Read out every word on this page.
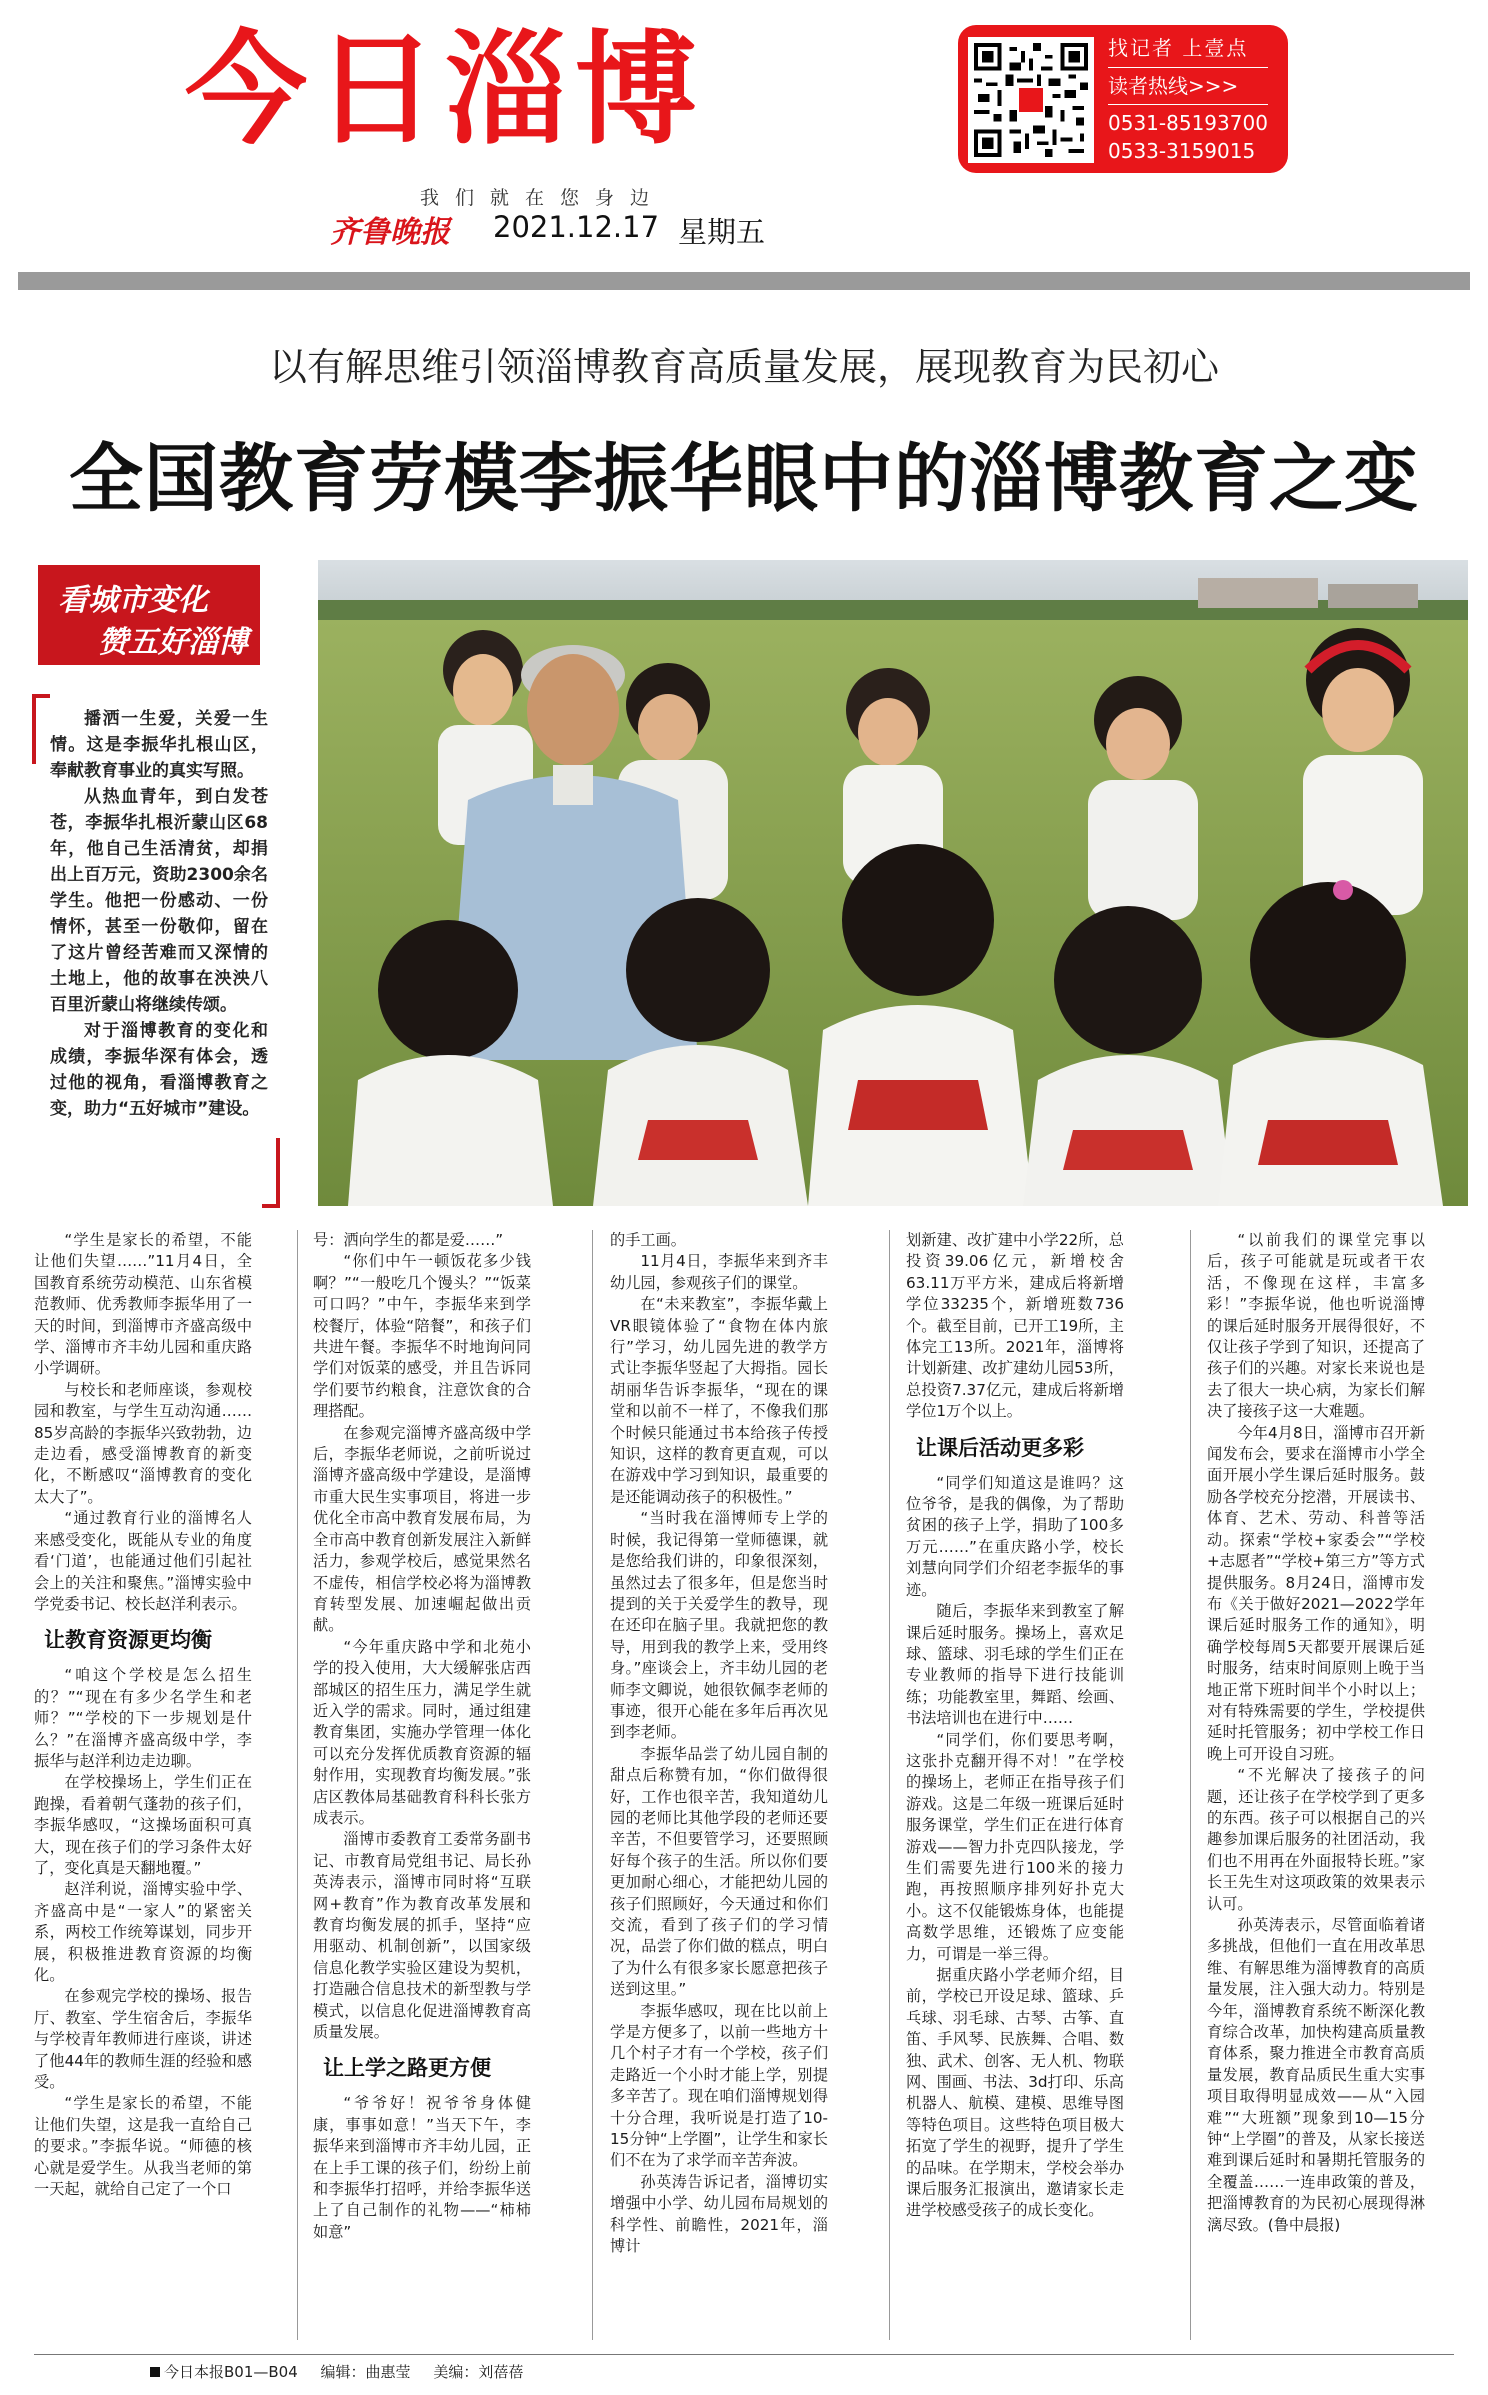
今日淄博
我们就在您身边
齐鲁晚报 2021.12.17 星期五
找记者 上壹点
读者热线>>>
0531-85193700
0533-3159015
以有解思维引领淄博教育高质量发展，展现教育为民初心
全国教育劳模李振华眼中的淄博教育之变
看城市变化
赞五好淄博

播洒一生爱，关爱一生情。这是李振华扎根山区，奉献教育事业的真实写照。

从热血青年，到白发苍苍，李振华扎根沂蒙山区68年，他自己生活清贫，却捐出上百万元，资助2300余名学生。他把一份感动、一份情怀，甚至一份敬仰，留在了这片曾经苦难而又深情的土地上，他的故事在泱泱八百里沂蒙山将继续传颂。

对于淄博教育的变化和成绩，李振华深有体会，透过他的视角，看淄博教育之变，助力“五好城市”建设。

“学生是家长的希望，不能让他们失望……”11月4日，全国教育系统劳动模范、山东省模范教师、优秀教师李振华用了一天的时间，到淄博市齐盛高级中学、淄博市齐丰幼儿园和重庆路小学调研。

与校长和老师座谈，参观校园和教室，与学生互动沟通……85岁高龄的李振华兴致勃勃，边走边看，感受淄博教育的新变化，不断感叹“淄博教育的变化太大了”。

“通过教育行业的淄博名人来感受变化，既能从专业的角度看‘门道’，也能通过他们引起社会上的关注和聚焦。”淄博实验中学党委书记、校长赵洋利表示。

让教育资源更均衡

“咱这个学校是怎么招生的？”“现在有多少名学生和老师？”“学校的下一步规划是什么？”在淄博齐盛高级中学，李振华与赵洋利边走边聊。

在学校操场上，学生们正在跑操，看着朝气蓬勃的孩子们，李振华感叹，“这操场面积可真大，现在孩子们的学习条件太好了，变化真是天翻地覆。”

赵洋利说，淄博实验中学、齐盛高中是“一家人”的紧密关系，两校工作统筹谋划，同步开展，积极推进教育资源的均衡化。

在参观完学校的操场、报告厅、教室、学生宿舍后，李振华与学校青年教师进行座谈，讲述了他44年的教师生涯的经验和感受。

“学生是家长的希望，不能让他们失望，这是我一直给自己的要求。”李振华说。“师德的核心就是爱学生。从我当老师的第一天起，就给自己定了一个口

号：洒向学生的都是爱……”

“你们中午一顿饭花多少钱啊？”“一般吃几个馒头？”“饭菜可口吗？”中午，李振华来到学校餐厅，体验“陪餐”，和孩子们共进午餐。李振华不时地询问同学们对饭菜的感受，并且告诉同学们要节约粮食，注意饮食的合理搭配。

在参观完淄博齐盛高级中学后，李振华老师说，之前听说过淄博齐盛高级中学建设，是淄博市重大民生实事项目，将进一步优化全市高中教育发展布局，为全市高中教育创新发展注入新鲜活力，参观学校后，感觉果然名不虚传，相信学校必将为淄博教育转型发展、加速崛起做出贡献。

“今年重庆路中学和北苑小学的投入使用，大大缓解张店西部城区的招生压力，满足学生就近入学的需求。同时，通过组建教育集团，实施办学管理一体化可以充分发挥优质教育资源的辐射作用，实现教育均衡发展。”张店区教体局基础教育科科长张方成表示。

淄博市委教育工委常务副书记、市教育局党组书记、局长孙英涛表示，淄博市同时将“互联网+教育”作为教育改革发展和教育均衡发展的抓手，坚持“应用驱动、机制创新”，以国家级信息化教学实验区建设为契机，打造融合信息技术的新型教与学模式，以信息化促进淄博教育高质量发展。

让上学之路更方便

“爷爷好！祝爷爷身体健康，事事如意！”当天下午，李振华来到淄博市齐丰幼儿园，正在上手工课的孩子们，纷纷上前和李振华打招呼，并给李振华送上了自己制作的礼物——“柿柿如意”

的手工画。

11月4日，李振华来到齐丰幼儿园，参观孩子们的课堂。

在“未来教室”，李振华戴上VR眼镜体验了“食物在体内旅行”学习，幼儿园先进的教学方式让李振华竖起了大拇指。园长胡丽华告诉李振华，“现在的课堂和以前不一样了，不像我们那个时候只能通过书本给孩子传授知识，这样的教育更直观，可以在游戏中学习到知识，最重要的是还能调动孩子的积极性。”

“当时我在淄博师专上学的时候，我记得第一堂师德课，就是您给我们讲的，印象很深刻，虽然过去了很多年，但是您当时提到的关于关爱学生的教导，现在还印在脑子里。我就把您的教导，用到我的教学上来，受用终身。”座谈会上，齐丰幼儿园的老师李文卿说，她很钦佩李老师的事迹，很开心能在多年后再次见到李老师。

李振华品尝了幼儿园自制的甜点后称赞有加，“你们做得很好，工作也很辛苦，我知道幼儿园的老师比其他学段的老师还要辛苦，不但要管学习，还要照顾好每个孩子的生活。所以你们要更加耐心细心，才能把幼儿园的孩子们照顾好，今天通过和你们交流，看到了孩子们的学习情况，品尝了你们做的糕点，明白了为什么有很多家长愿意把孩子送到这里。”

李振华感叹，现在比以前上学是方便多了，以前一些地方十几个村子才有一个学校，孩子们走路近一个小时才能上学，别提多辛苦了。现在咱们淄博规划得十分合理，我听说是打造了10-15分钟“上学圈”，让学生和家长们不在为了求学而辛苦奔波。

孙英涛告诉记者，淄博切实增强中小学、幼儿园布局规划的科学性、前瞻性，2021年，淄博计

划新建、改扩建中小学22所，总投资39.06亿元，新增校舍63.11万平方米，建成后将新增学位33235个，新增班数736个。截至目前，已开工19所，主体完工13所。2021年，淄博将计划新建、改扩建幼儿园53所，总投资7.37亿元，建成后将新增学位1万个以上。

让课后活动更多彩

“同学们知道这是谁吗？这位爷爷，是我的偶像，为了帮助贫困的孩子上学，捐助了100多万元……”在重庆路小学，校长刘慧向同学们介绍老李振华的事迹。

随后，李振华来到教室了解课后延时服务。操场上，喜欢足球、篮球、羽毛球的学生们正在专业教师的指导下进行技能训练；功能教室里，舞蹈、绘画、书法培训也在进行中……

“同学们，你们要思考啊，这张扑克翻开得不对！”在学校的操场上，老师正在指导孩子们游戏。这是二年级一班课后延时服务课堂，学生们正在进行体育游戏——智力扑克四队接龙，学生们需要先进行100米的接力跑，再按照顺序排列好扑克大小。这不仅能锻炼身体，也能提高数学思维，还锻炼了应变能力，可谓是一举三得。

据重庆路小学老师介绍，目前，学校已开设足球、篮球、乒乓球、羽毛球、古琴、古筝、直笛、手风琴、民族舞、合唱、数独、武术、创客、无人机、物联网、围画、书法、3d打印、乐高机器人、航模、建模、思维导图等特色项目。这些特色项目极大拓宽了学生的视野，提升了学生的品味。在学期末，学校会举办课后服务汇报演出，邀请家长走进学校感受孩子的成长变化。

“以前我们的课堂完事以后，孩子可能就是玩或者干农活，不像现在这样，丰富多彩！”李振华说，他也听说淄博的课后延时服务开展得很好，不仅让孩子学到了知识，还提高了孩子们的兴趣。对家长来说也是去了很大一块心病，为家长们解决了接孩子这一大难题。

今年4月8日，淄博市召开新闻发布会，要求在淄博市小学全面开展小学生课后延时服务。鼓励各学校充分挖潜，开展读书、体育、艺术、劳动、科普等活动。探索“学校+家委会”“学校+志愿者”“学校+第三方”等方式提供服务。8月24日，淄博市发布《关于做好2021—2022学年课后延时服务工作的通知》，明确学校每周5天都要开展课后延时服务，结束时间原则上晚于当地正常下班时间半个小时以上；对有特殊需要的学生，学校提供延时托管服务；初中学校工作日晚上可开设自习班。

“不光解决了接孩子的问题，还让孩子在学校学到了更多的东西。孩子可以根据自己的兴趣参加课后服务的社团活动，我们也不用再在外面报特长班。”家长王先生对这项政策的效果表示认可。

孙英涛表示，尽管面临着诸多挑战，但他们一直在用改革思维、有解思维为淄博教育的高质量发展，注入强大动力。特别是今年，淄博教育系统不断深化教育综合改革，加快构建高质量教育体系，聚力推进全市教育高质量发展，教育品质民生重大实事项目取得明显成效——从“入园难”“大班额”现象到10—15分钟“上学圈”的普及，从家长接送难到课后延时和暑期托管服务的全覆盖……一连串政策的普及，把淄博教育的为民初心展现得淋漓尽致。(鲁中晨报)

今日本报B01—B04 编辑：曲惠莹 美编：刘蓓蓓
